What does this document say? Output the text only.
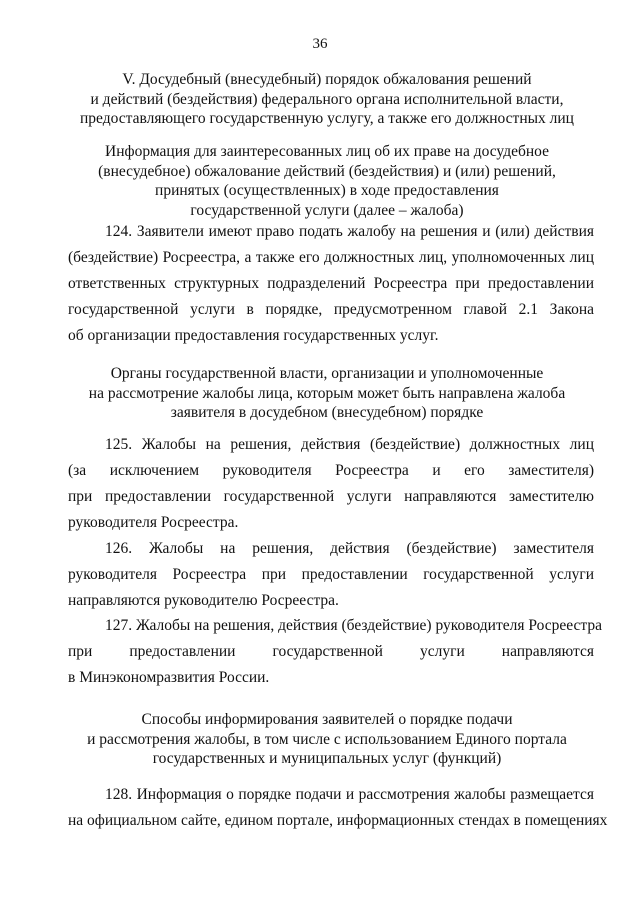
36
V. Досудебный (внесудебный) порядок обжалования решений
и действий (бездействия) федерального органа исполнительной власти,
предоставляющего государственную услугу, а также его должностных лиц
Информация для заинтересованных лиц об их праве на досудебное
(внесудебное) обжалование действий (бездействия) и (или) решений,
принятых (осуществленных) в ходе предоставления
государственной услуги (далее – жалоба)
124. Заявители имеют право подать жалобу на решения и (или) действия
(бездействие) Росреестра, а также его должностных лиц, уполномоченных лиц
ответственных структурных подразделений Росреестра при предоставлении
государственной услуги в порядке, предусмотренном главой 2.1 Закона
об организации предоставления государственных услуг.
Органы государственной власти, организации и уполномоченные
на рассмотрение жалобы лица, которым может быть направлена жалоба
заявителя в досудебном (внесудебном) порядке
125. Жалобы на решения, действия (бездействие) должностных лиц
(за исключением руководителя Росреестра и его заместителя)
при предоставлении государственной услуги направляются заместителю
руководителя Росреестра.
126. Жалобы на решения, действия (бездействие) заместителя
руководителя Росреестра при предоставлении государственной услуги
направляются руководителю Росреестра.
127. Жалобы на решения, действия (бездействие) руководителя Росреестра
при предоставлении государственной услуги направляются
в Минэкономразвития России.
Способы информирования заявителей о порядке подачи
и рассмотрения жалобы, в том числе с использованием Единого портала
государственных и муниципальных услуг (функций)
128. Информация о порядке подачи и рассмотрения жалобы размещается
на официальном сайте, едином портале, информационных стендах в помещениях
